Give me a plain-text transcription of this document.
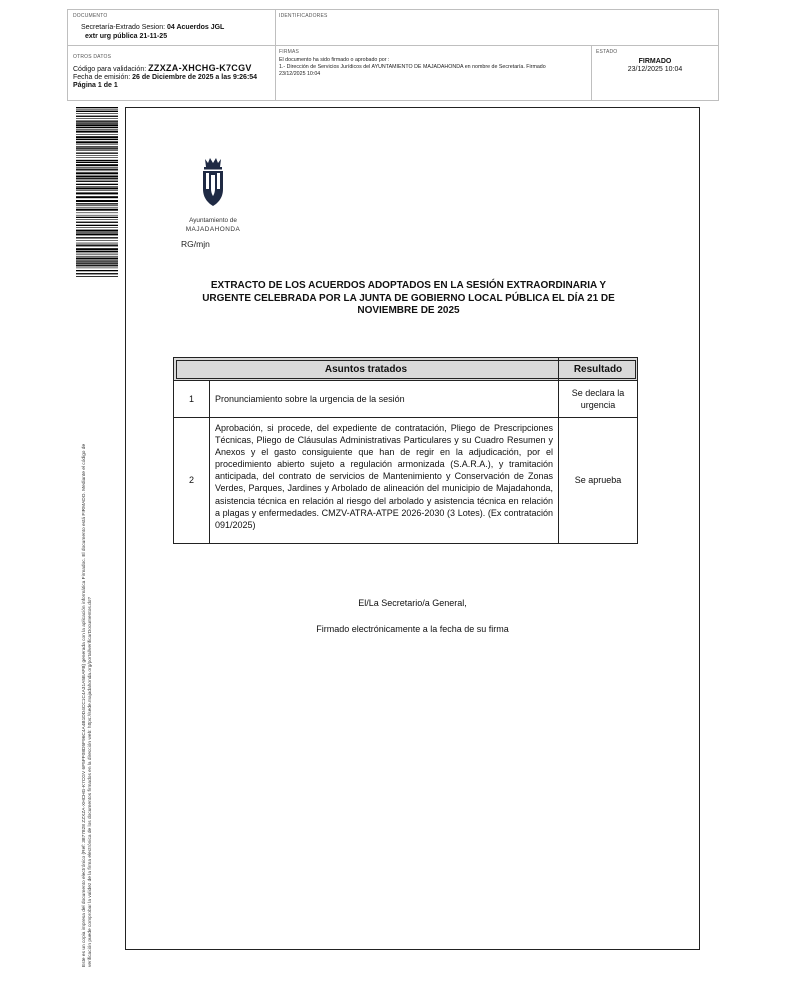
DOCUMENTO
Secretaría-Extrado Sesion: 04 Acuerdos JGL
extr urg pública 21-11-25
IDENTIFICADORES
OTROS DATOS
Código para validación: ZZXZA-XHCHG-K7CGV
Fecha de emisión: 26 de Diciembre de 2025 a las 9:26:54
Página 1 de 1
FIRMAS
El documento ha sido firmado o aprobado por :
1.- Dirección de Servicios Jurídicos del AYUNTAMIENTO DE MAJADAHONDA en nombre de Secretaría. Firmado
23/12/2025 10:04
ESTADO
FIRMADO
23/12/2025 10:04
Este es un copia impresa del documento electrónico (Ref: 3877828 ZZXZA-XHCHG-K7CGV 6F5FF08D5F96C4A4B1DD4CC1C4A31A5EAFB) generada con la aplicación informática Firmadoc. El documento está FIRMADO. Mediante el código de verificación puede comprobar la validez de la firma electrónica de los documentos firmados en la dirección web: https://sede.majadahonda.org/portal/verificarDocumentos.do?
Ayuntamiento de
MAJADAHONDA
RG/mjn
EXTRACTO DE LOS ACUERDOS ADOPTADOS EN LA SESIÓN EXTRAORDINARIA Y URGENTE CELEBRADA POR LA JUNTA DE GOBIERNO LOCAL PÚBLICA EL DÍA 21 DE NOVIEMBRE DE 2025
Asuntos tratados		Resultado
1	Pronunciamiento sobre la urgencia de la sesión	Se declara la urgencia
2	Aprobación, si procede, del expediente de contratación, Pliego de Prescripciones Técnicas, Pliego de Cláusulas Administrativas Particulares y su Cuadro Resumen y Anexos y el gasto consiguiente que han de regir en la adjudicación, por el procedimiento abierto sujeto a regulación armonizada (S.A.R.A.), y tramitación anticipada, del contrato de servicios de Mantenimiento y Conservación de Zonas Verdes, Parques, Jardines y Arbolado de alineación del municipio de Majadahonda, asistencia técnica en relación al riesgo del arbolado y asistencia técnica en relación a plagas y enfermedades. CMZV-ATRA-ATPE 2026-2030 (3 Lotes). (Ex contratación 091/2025)	Se aprueba
El/La Secretario/a General,
Firmado electrónicamente a la fecha de su firma
